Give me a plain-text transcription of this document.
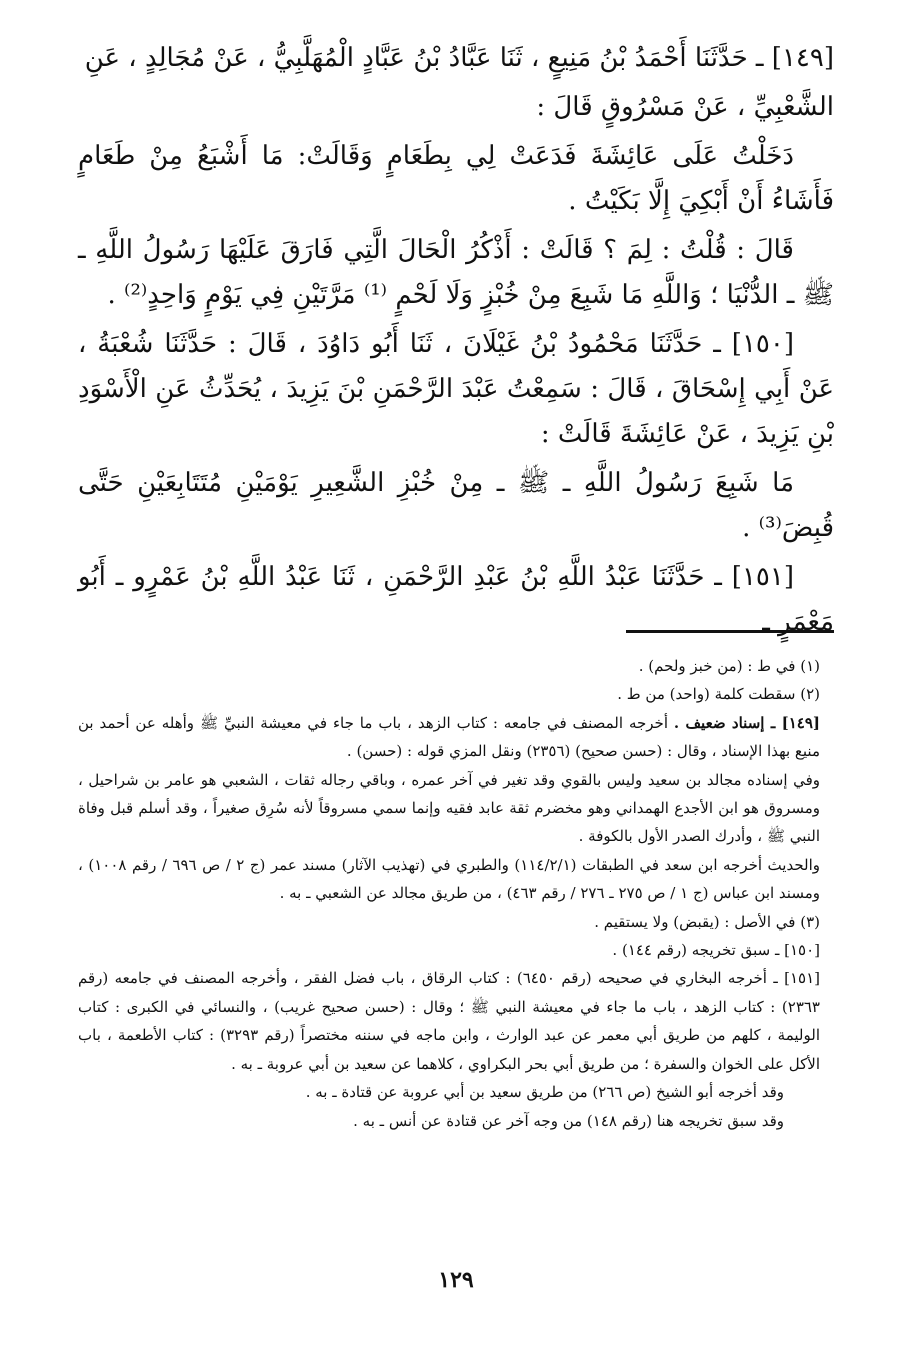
[١٤٩] ـ حَدَّثَنَا أَحْمَدُ بْنُ مَنِيعٍ ، ثَنَا عَبَّادُ بْنُ عَبَّادٍ الْمُهَلَّبِيُّ ، عَنْ مُجَالِدٍ ، عَنِ

الشَّعْبِيِّ ، عَنْ مَسْرُوقٍ قَالَ :

دَخَلْتُ عَلَى عَائِشَةَ فَدَعَتْ لِي بِطَعَامٍ وَقَالَتْ: مَا أَشْبَعُ مِنْ طَعَامٍ فَأَشَاءُ أَنْ أَبْكِيَ إِلَّا بَكَيْتُ .

قَالَ : قُلْتُ : لِمَ ؟ قَالَتْ : أَذْكُرُ الْحَالَ الَّتِي فَارَقَ عَلَيْهَا رَسُولُ اللَّهِ ـ ﷺ ـ الدُّنْيَا ؛ وَاللَّهِ مَا شَبِعَ مِنْ خُبْزٍ وَلَا لَحْمٍ ⁽¹⁾ مَرَّتَيْنِ فِي يَوْمٍ وَاحِدٍ⁽²⁾ .

[١٥٠] ـ حَدَّثَنَا مَحْمُودُ بْنُ غَيْلَانَ ، ثَنَا أَبُو دَاوُدَ ، قَالَ : حَدَّثَنَا شُعْبَةُ ، عَنْ أَبِي إِسْحَاقَ ، قَالَ : سَمِعْتُ عَبْدَ الرَّحْمَنِ بْنَ يَزِيدَ ، يُحَدِّثُ عَنِ الْأَسْوَدِ بْنِ يَزِيدَ ، عَنْ عَائِشَةَ قَالَتْ :

مَا شَبِعَ رَسُولُ اللَّهِ ـ ﷺ ـ مِنْ خُبْزِ الشَّعِيرِ يَوْمَيْنِ مُتَتَابِعَيْنِ حَتَّى قُبِضَ⁽³⁾ .

[١٥١] ـ حَدَّثَنَا عَبْدُ اللَّهِ بْنُ عَبْدِ الرَّحْمَنِ ، ثَنَا عَبْدُ اللَّهِ بْنُ عَمْرٍو ـ أَبُو مَعْمَرٍ ـ

(١) في ط : (من خبز ولحم) .

(٢) سقطت كلمة (واحد) من ط .

[١٤٩] ـ إسناد ضعيف . أخرجه المصنف في جامعه : كتاب الزهد ، باب ما جاء في معيشة النبيِّ ﷺ وأهله عن أحمد بن منيع بهذا الإسناد ، وقال : (حسن صحيح) (٢٣٥٦) ونقل المزي قوله : (حسن) .

وفي إسناده مجالد بن سعيد وليس بالقوي وقد تغير في آخر عمره ، وباقي رجاله ثقات ، الشعبي هو عامر بن شراحيل ، ومسروق هو ابن الأجدع الهمداني وهو مخضرم ثقة عابد فقيه وإنما سمي مسروقاً لأنه سُرِق صغيراً ، وقد أسلم قبل وفاة النبي ﷺ ، وأدرك الصدر الأول بالكوفة .

والحديث أخرجه ابن سعد في الطبقات (١١٤/٢/١) والطبري في (تهذيب الآثار) مسند عمر (ج ٢ / ص ٦٩٦ / رقم ١٠٠٨) ، ومسند ابن عباس (ج ١ / ص ٢٧٥ ـ ٢٧٦ / رقم ٤٦٣) ، من طريق مجالد عن الشعبي ـ به .

(٣) في الأصل : (يقبض) ولا يستقيم .

[١٥٠] ـ سبق تخريجه (رقم ١٤٤) .

[١٥١] ـ أخرجه البخاري في صحيحه (رقم ٦٤٥٠) : كتاب الرقاق ، باب فضل الفقر ، وأخرجه المصنف في جامعه (رقم ٢٣٦٣) : كتاب الزهد ، باب ما جاء في معيشة النبي ﷺ ؛ وقال : (حسن صحيح غريب) ، والنسائي في الكبرى : كتاب الوليمة ، كلهم من طريق أبي معمر عن عبد الوارث ، وابن ماجه في سننه مختصراً (رقم ٣٢٩٣) : كتاب الأطعمة ، باب الأكل على الخوان والسفرة ؛ من طريق أبي بحر البكراوي ، كلاهما عن سعيد بن أبي عروبة ـ به .

وقد أخرجه أبو الشيخ (ص ٢٦٦) من طريق سعيد بن أبي عروبة عن قتادة ـ به .

وقد سبق تخريجه هنا (رقم ١٤٨) من وجه آخر عن قتادة عن أنس ـ به .

١٢٩
